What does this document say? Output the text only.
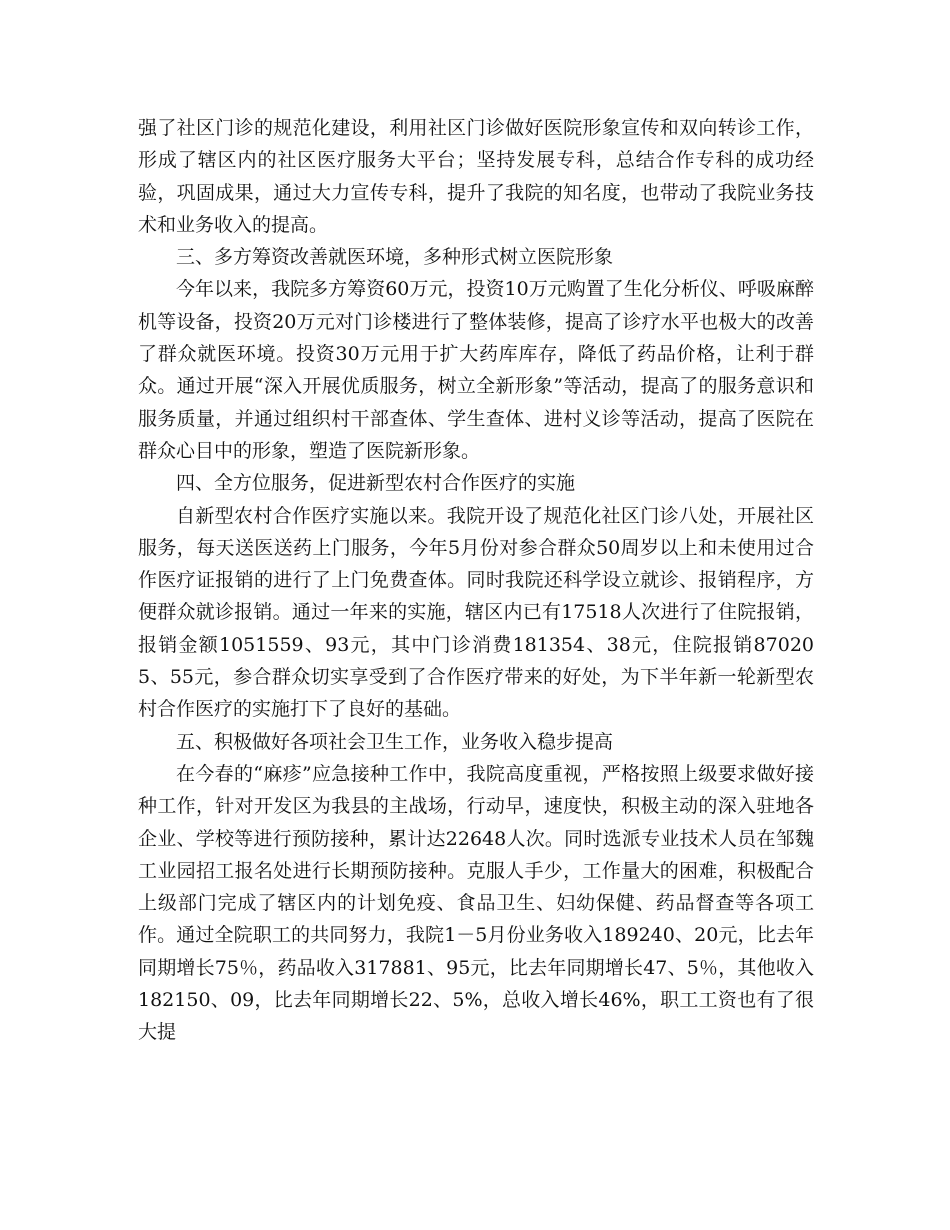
强了社区门诊的规范化建设，利用社区门诊做好医院形象宣传和双向转诊工作，形成了辖区内的社区医疗服务大平台；坚持发展专科，总结合作专科的成功经验，巩固成果，通过大力宣传专科，提升了我院的知名度，也带动了我院业务技术和业务收入的提高。

三、多方筹资改善就医环境，多种形式树立医院形象

今年以来，我院多方筹资60万元，投资10万元购置了生化分析仪、呼吸麻醉机等设备，投资20万元对门诊楼进行了整体装修，提高了诊疗水平也极大的改善了群众就医环境。投资30万元用于扩大药库库存，降低了药品价格，让利于群众。通过开展“深入开展优质服务，树立全新形象”等活动，提高了的服务意识和服务质量，并通过组织村干部查体、学生查体、进村义诊等活动，提高了医院在群众心目中的形象，塑造了医院新形象。

四、全方位服务，促进新型农村合作医疗的实施

自新型农村合作医疗实施以来。我院开设了规范化社区门诊八处，开展社区服务，每天送医送药上门服务，今年5月份对参合群众50周岁以上和未使用过合作医疗证报销的进行了上门免费查体。同时我院还科学设立就诊、报销程序，方便群众就诊报销。通过一年来的实施，辖区内已有17518人次进行了住院报销，报销金额1051559、93元，其中门诊消费181354、38元，住院报销870205、55元，参合群众切实享受到了合作医疗带来的好处，为下半年新一轮新型农村合作医疗的实施打下了良好的基础。

五、积极做好各项社会卫生工作，业务收入稳步提高

在今春的“麻疹”应急接种工作中，我院高度重视，严格按照上级要求做好接种工作，针对开发区为我县的主战场，行动早，速度快，积极主动的深入驻地各企业、学校等进行预防接种，累计达22648人次。同时选派专业技术人员在邹魏工业园招工报名处进行长期预防接种。克服人手少，工作量大的困难，积极配合上级部门完成了辖区内的计划免疫、食品卫生、妇幼保健、药品督查等各项工作。通过全院职工的共同努力，我院1－5月份业务收入189240、20元，比去年同期增长75％，药品收入317881、95元，比去年同期增长47、5％，其他收入182150、09，比去年同期增长22、5%，总收入增长46%，职工工资也有了很大提
